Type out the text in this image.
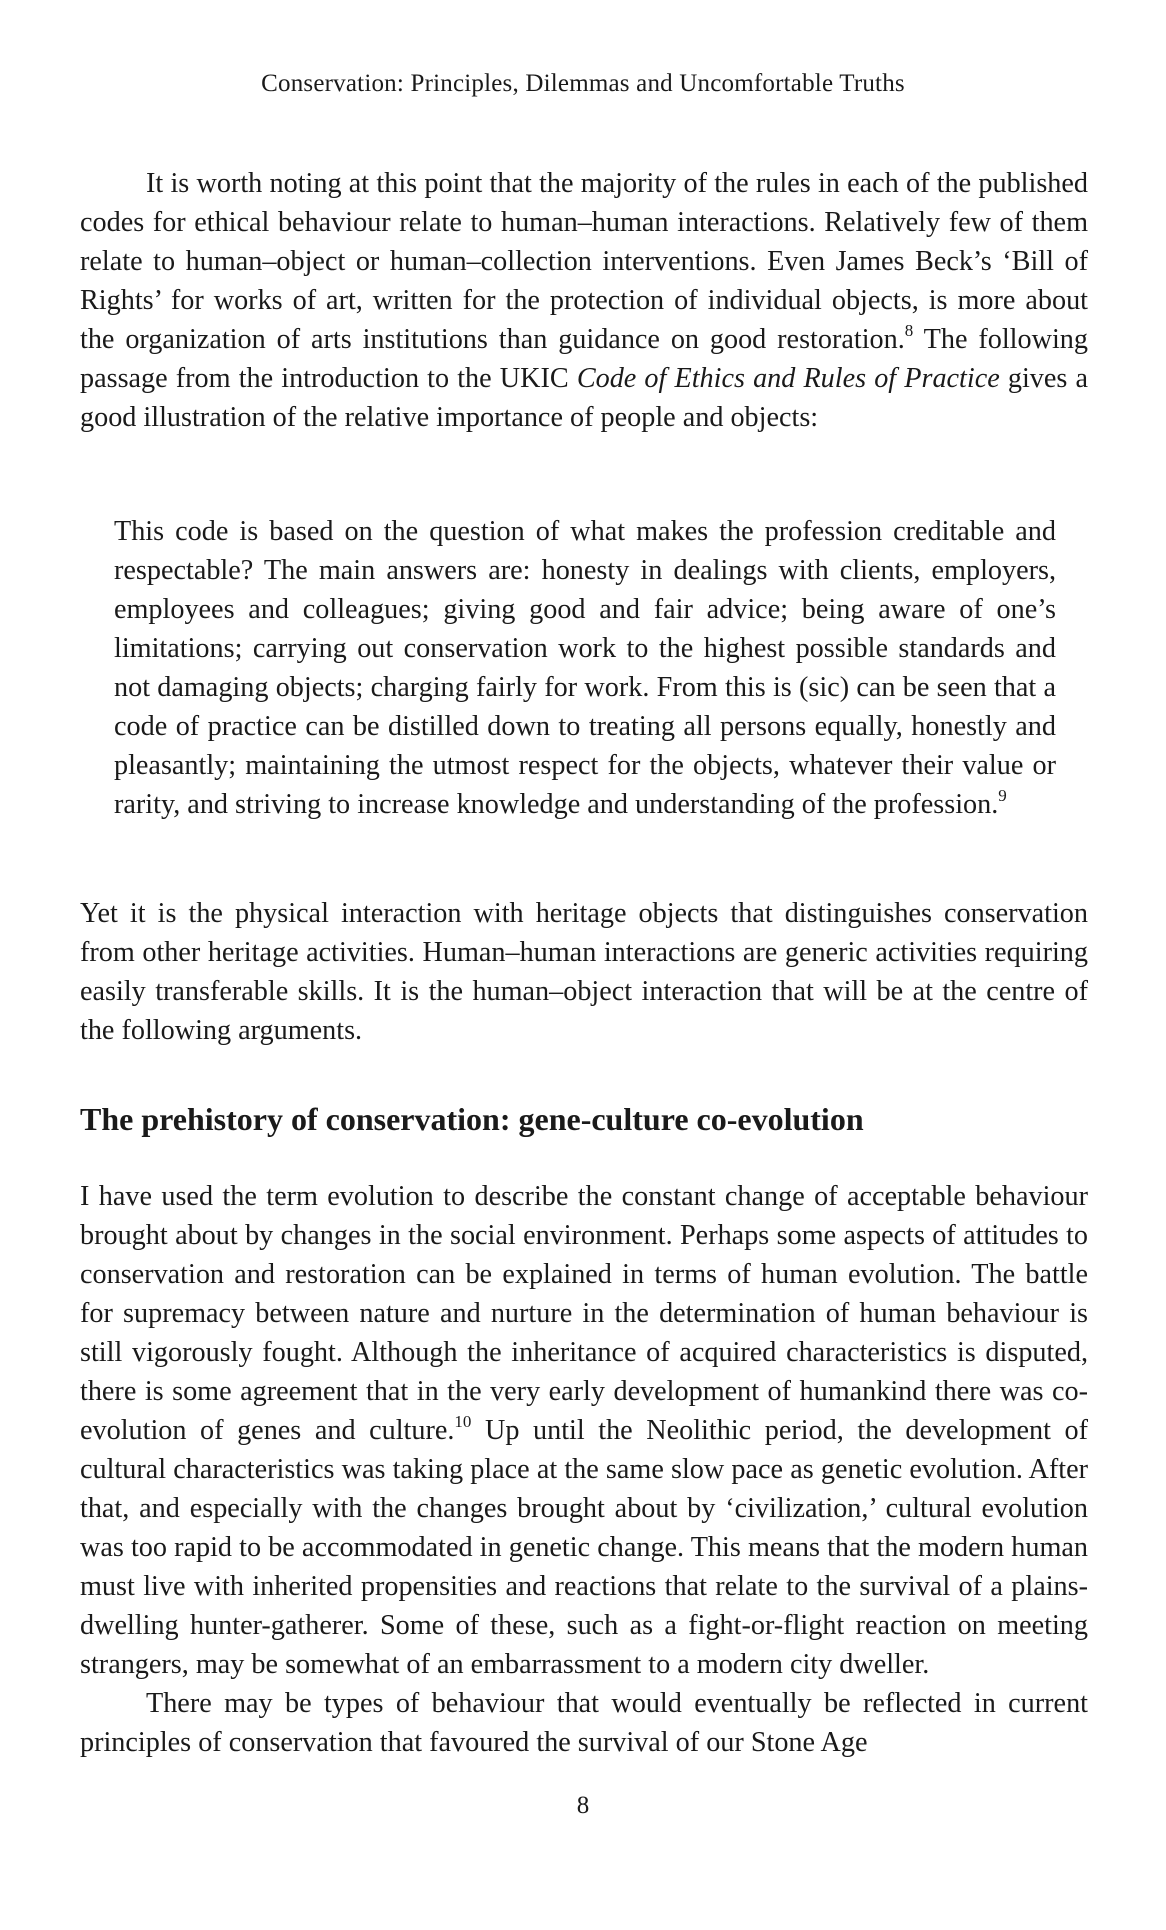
Conservation: Principles, Dilemmas and Uncomfortable Truths

It is worth noting at this point that the majority of the rules in each of the published codes for ethical behaviour relate to human–human interactions. Relatively few of them relate to human–object or human–collection interventions. Even James Beck’s ‘Bill of Rights’ for works of art, written for the protection of individual objects, is more about the organization of arts institutions than guidance on good restoration.$^8$ The following passage from the introduction to the UKIC Code of Ethics and Rules of Practice gives a good illustration of the relative importance of people and objects:

This code is based on the question of what makes the profession creditable and respectable? The main answers are: honesty in dealings with clients, employers, employees and colleagues; giving good and fair advice; being aware of one’s limitations; carrying out conservation work to the highest possible standards and not damaging objects; charging fairly for work. From this is (sic) can be seen that a code of practice can be distilled down to treating all persons equally, honestly and pleasantly; maintaining the utmost respect for the objects, whatever their value or rarity, and striving to increase knowledge and understanding of the profession.$^9$

Yet it is the physical interaction with heritage objects that distinguishes conservation from other heritage activities. Human–human interactions are generic activities requiring easily transferable skills. It is the human–object interaction that will be at the centre of the following arguments.

The prehistory of conservation: gene-culture co-evolution

I have used the term evolution to describe the constant change of acceptable behaviour brought about by changes in the social environment. Perhaps some aspects of attitudes to conservation and restoration can be explained in terms of human evolution. The battle for supremacy between nature and nurture in the determination of human behaviour is still vigorously fought. Although the inheritance of acquired characteristics is disputed, there is some agreement that in the very early development of humankind there was co-evolution of genes and culture.$^{10}$ Up until the Neolithic period, the development of cultural characteristics was taking place at the same slow pace as genetic evolution. After that, and especially with the changes brought about by ‘civilization,’ cultural evolution was too rapid to be accommodated in genetic change. This means that the modern human must live with inherited propensities and reactions that relate to the survival of a plains-dwelling hunter-gatherer. Some of these, such as a fight-or-flight reaction on meeting strangers, may be somewhat of an embarrassment to a modern city dweller.

There may be types of behaviour that would eventually be reflected in current principles of conservation that favoured the survival of our Stone Age

8
